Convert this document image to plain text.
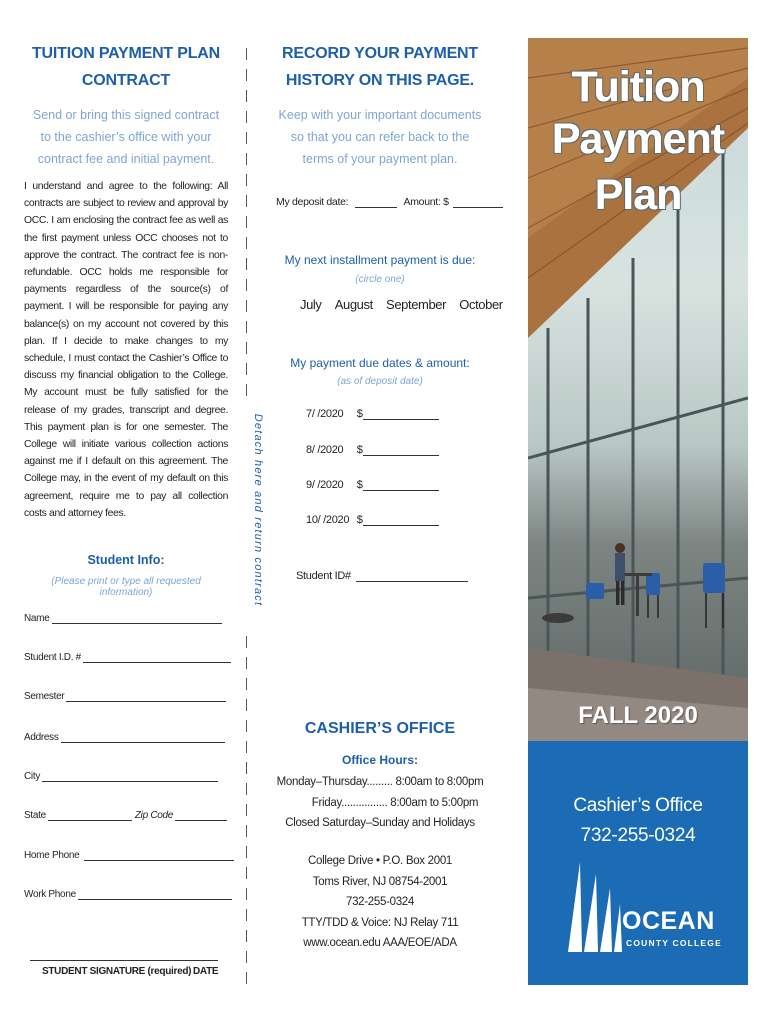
TUITION PAYMENT PLAN
CONTRACT
Send or bring this signed contract
to the cashier’s office with your
contract fee and initial payment.

I understand and agree to the following: All contracts are subject to review and approval by OCC. I am enclosing the contract fee as well as the first payment unless OCC chooses not to approve the contract. The contract fee is non-refundable. OCC holds me responsible for payments regardless of the source(s) of payment. I will be responsible for paying any balance(s) on my account not covered by this plan. If I decide to make changes to my schedule, I must contact the Cashier’s Office to discuss my financial obligation to the College. My account must be fully satisfied for the release of my grades, transcript and degree. This payment plan is for one semester. The College will initiate various collection actions against me if I default on this agreement. The College may, in the event of my default on this agreement, require me to pay all collection costs and attorney fees.

Student Info:
(Please print or type all requested information)
Name
Student I.D. #
Semester
Address
City
State	Zip Code
Home Phone
Work Phone
STUDENT SIGNATURE (required) DATE
Detach here and return contract
RECORD YOUR PAYMENT
HISTORY ON THIS PAGE.
Keep with your important documents
so that you can refer back to the
terms of your payment plan.
My deposit date:	Amount: $
My next installment payment is due:
(circle one)
July August September October
My payment due dates & amount:
(as of deposit date)
7/ /2020 $
8/ /2020 $
9/ /2020 $
10/ /2020 $
Student ID#
CASHIER’S OFFICE
Office Hours:
Monday–Thursday......... 8:00am to 8:00pm
Friday................ 8:00am to 5:00pm
Closed Saturday–Sunday and Holidays
College Drive • P.O. Box 2001
Toms River, NJ 08754-2001
732-255-0324
TTY/TDD & Voice: NJ Relay 711
www.ocean.edu AAA/EOE/ADA
Tuition
Payment
Plan
FALL 2020
Cashier’s Office
732-255-0324
OCEAN
COUNTY COLLEGE
